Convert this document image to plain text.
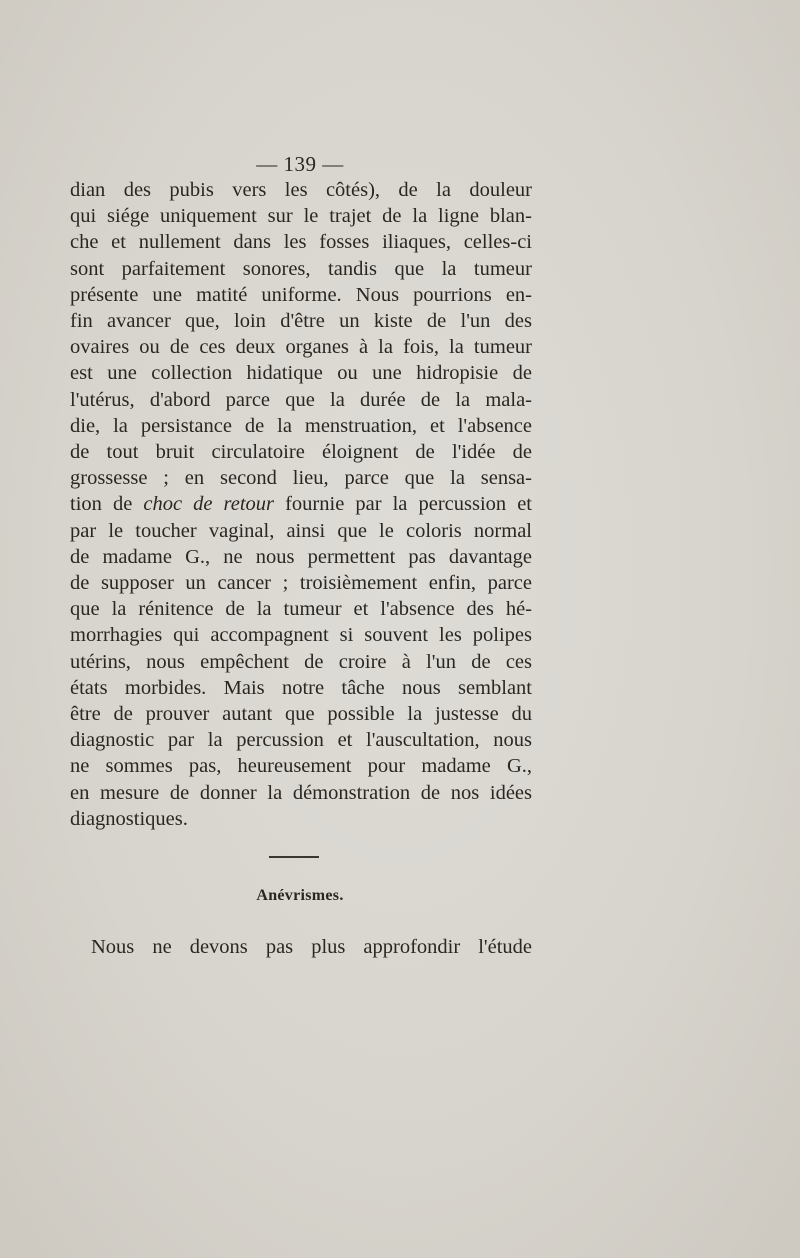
— 139 —
dian des pubis vers les côtés), de la douleur
qui siége uniquement sur le trajet de la ligne blan-
che et nullement dans les fosses iliaques, celles-ci
sont parfaitement sonores, tandis que la tumeur
présente une matité uniforme. Nous pourrions en-
fin avancer que, loin d'être un kiste de l'un des
ovaires ou de ces deux organes à la fois, la tumeur
est une collection hidatique ou une hidropisie de
l'utérus, d'abord parce que la durée de la mala-
die, la persistance de la menstruation, et l'absence
de tout bruit circulatoire éloignent de l'idée de
grossesse ; en second lieu, parce que la sensa-
tion de choc de retour fournie par la percussion et
par le toucher vaginal, ainsi que le coloris normal
de madame G., ne nous permettent pas davantage
de supposer un cancer ; troisièmement enfin, parce
que la rénitence de la tumeur et l'absence des hé-
morrhagies qui accompagnent si souvent les polipes
utérins, nous empêchent de croire à l'un de ces
états morbides. Mais notre tâche nous semblant
être de prouver autant que possible la justesse du
diagnostic par la percussion et l'auscultation, nous
ne sommes pas, heureusement pour madame G.,
en mesure de donner la démonstration de nos idées
diagnostiques.
Anévrismes.
Nous ne devons pas plus approfondir l'étude
